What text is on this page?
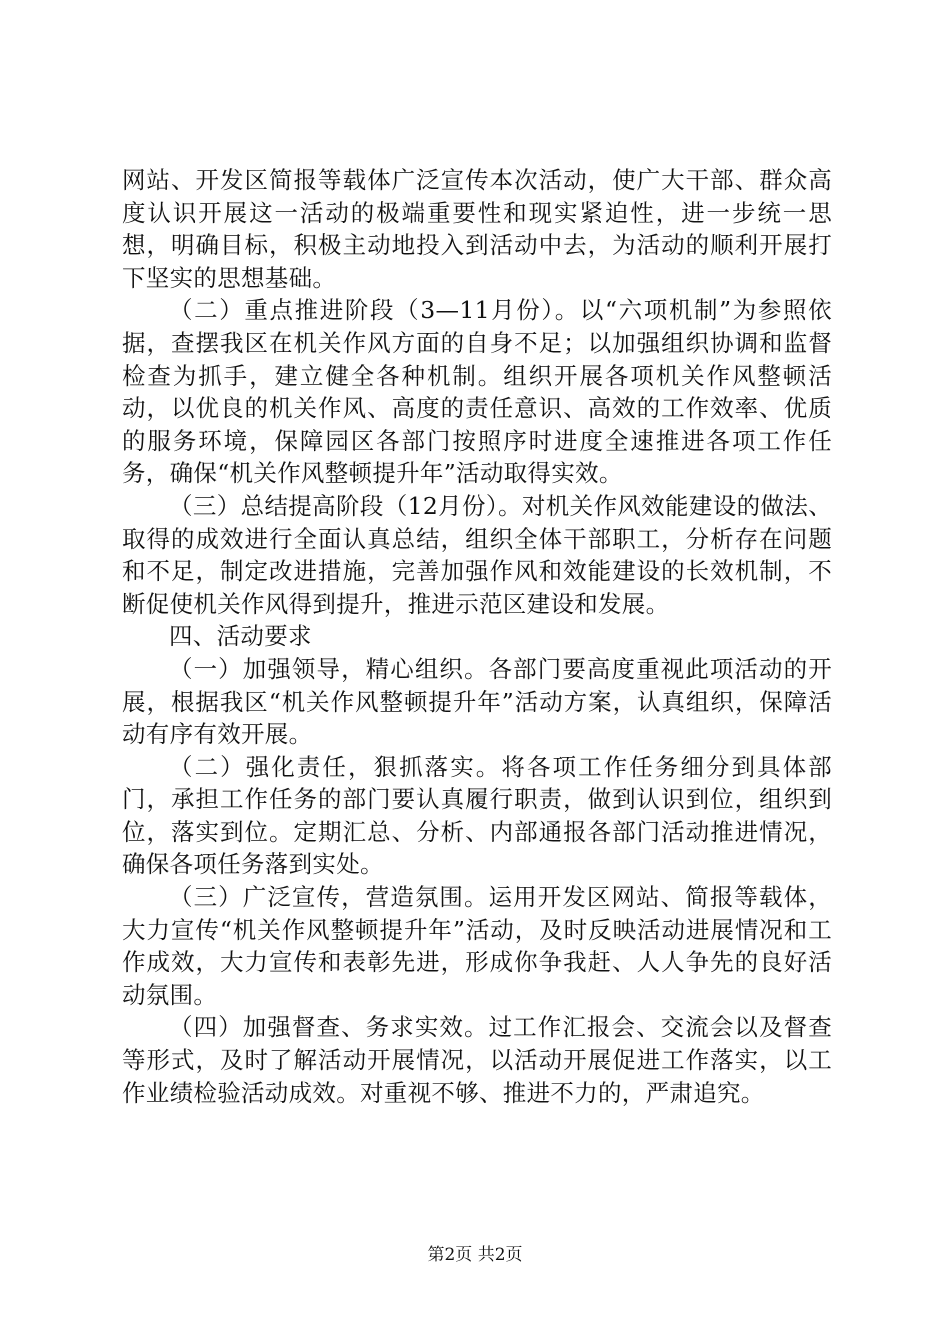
网站、开发区简报等载体广泛宣传本次活动，使广大干部、群众高度认识开展这一活动的极端重要性和现实紧迫性，进一步统一思想，明确目标，积极主动地投入到活动中去，为活动的顺利开展打下坚实的思想基础。

（二）重点推进阶段（3—11月份）。以“六项机制”为参照依据，查摆我区在机关作风方面的自身不足；以加强组织协调和监督检查为抓手，建立健全各种机制。组织开展各项机关作风整顿活动，以优良的机关作风、高度的责任意识、高效的工作效率、优质的服务环境，保障园区各部门按照序时进度全速推进各项工作任务，确保“机关作风整顿提升年”活动取得实效。

（三）总结提高阶段（12月份）。对机关作风效能建设的做法、取得的成效进行全面认真总结，组织全体干部职工，分析存在问题和不足，制定改进措施，完善加强作风和效能建设的长效机制，不断促使机关作风得到提升，推进示范区建设和发展。

四、活动要求

（一）加强领导，精心组织。各部门要高度重视此项活动的开展，根据我区“机关作风整顿提升年”活动方案，认真组织，保障活动有序有效开展。

（二）强化责任，狠抓落实。将各项工作任务细分到具体部门，承担工作任务的部门要认真履行职责，做到认识到位，组织到位，落实到位。定期汇总、分析、内部通报各部门活动推进情况，确保各项任务落到实处。

（三）广泛宣传，营造氛围。运用开发区网站、简报等载体，大力宣传“机关作风整顿提升年”活动，及时反映活动进展情况和工作成效，大力宣传和表彰先进，形成你争我赶、人人争先的良好活动氛围。

（四）加强督查、务求实效。过工作汇报会、交流会以及督查等形式，及时了解活动开展情况，以活动开展促进工作落实，以工作业绩检验活动成效。对重视不够、推进不力的，严肃追究。

第2页 共2页
